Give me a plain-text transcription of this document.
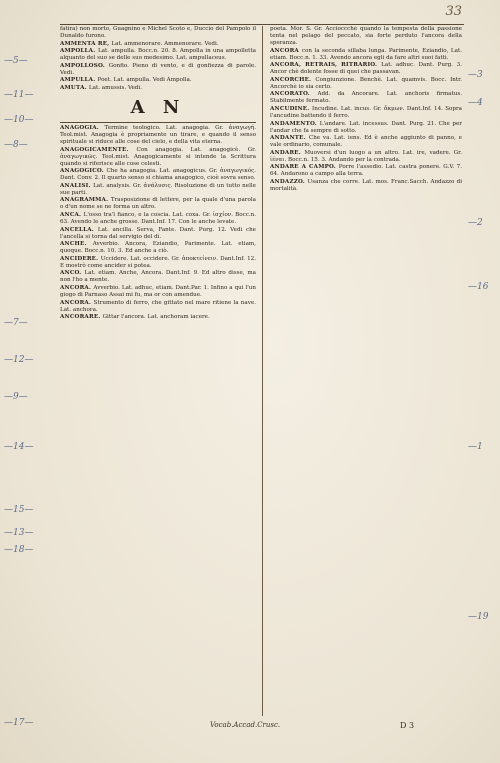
33

fatira) non morto, Guagnino e Michel Scoto e, Duccio del Pampolo il Dunaldo furono.

AMMENTA RE, Lat. ammenorare. Ammenorare. Vedi.

AMPOLLA. Lat. ampulla. Bocc.n. 20. 8. Ampolla in una ampolletta alquanto del suo se delle suo medesimo. Lat. ampullaceus.

AMPOLLOSO. Gonfio. Pieno di vento, e di gonfiezza di parole. Vedi.

AMPULLA. Poet. Lat. ampulla. Vedi Ampolla.

AMUTA. Lat. amussis. Vedi.

A N

ANAGOGIA. Termine teologico. Lat. anagogia. Gr. ἀναγωγή. Teol.mist. Anagogia è propriamente un tirare, e quando il senso spirituale si riduce alle cose del cielo, e della vita eterna.

ANAGOGICAMENTE. Con anagogia. Lat. anagogicè. Gr. ἀναγωγικῶς. Teol.mist. Anagogicamente si intende la Scrittura quando si riferisce alle cose celesti.

ANAGOGICO. Che ha anagogia. Lat. anagogicus. Gr. ἀναγωγικός. Dant. Conv. 2. Il quarto senso si chiama anagogico, cioè sovra senso.

ANALISI. Lat. analysis. Gr. ἀνάλυσις. Risoluzione di un tutto nelle sue parti.

ANAGRAMMA. Trasposizione di lettere, per la quale d'una parola o d'un nome se ne forma un altro.

ANCA. L'osso tra'l fianco, e la coscia. Lat. coxa. Gr. ἰσχίον. Bocc.n. 63. Avendo le anche grosse. Dant.Inf. 17. Con le anche levate.

ANCELLA. Lat. ancilla. Serva, Fante. Dant. Purg. 12. Vedi che l'ancella si torna dal servigio del dì.

ANCHE. Avverbio. Ancora, Eziandio, Parimente. Lat. etiam, quoque. Bocc.n. 10. 3. Ed anche a ciò.

ANCIDERE. Uccidere. Lat. occidere. Gr. ἀποκτείνειν. Dant.Inf. 12. E mostrò come ancider si potea.

ANCO. Lat. etiam. Anche, Ancora. Dant.Inf. 9. Ed altro disse, ma non l'ho a mente.

ANCORA. Avverbio. Lat. adhuc, etiam. Dant.Par. 1. Infino a qui l'un giogo di Parnaso Assai mi fu, ma or con amendue.

ANCORA. Strumento di ferro, che gittato nel mare ritiene la nave. Lat. anchora.

ANCORARE. Gittar l'ancora. Lat. anchoram iacere.

poeta. Mor. S. Gr. Accioccchè quando la tempesta della passione tenta nel pelago del peccato, sia forte perduto l'ancora della speranza.

ANCORA con la seconda sillaba lunga. Parimente, Eziandio, Lat. etiam. Bocc.n. 1. 33. Avendo ancora egli da fare altri suoi fatti.

ANCORA, RETRAIS, RITRARIO. Lat. adhuc. Dant. Purg. 3. Ancor chè dolente fosse di quei che passavan.

ANCORCHE. Congiunzione. Benchè. Lat. quamvis. Bocc. Intr. Ancorchè io sia certo.

ANCORATO. Add. da Ancorare. Lat. anchoris firmatus. Stabilmente fermato.

ANCUDINE. Incudine. Lat. incus. Gr. ἄκμων. Dant.Inf. 14. Sopra l'ancudine battendo il ferro.

ANDAMENTO. L'andare. Lat. incessus. Dant. Purg. 21. Che per l'andar che fa sempre di sotto.

ANDANTE. Che va. Lat. iens. Ed è anche aggiunto di panno, e vale ordinario, comunale.

ANDARE. Muoversi d'un luogo a un altro. Lat. ire, vadere. Gr. ἰέναι. Bocc.n. 15. 3. Andando per la contrada.

ANDARE A CAMPO. Porre l'assedio. Lat. castra ponere. G.V. 7. 64. Andarono a campo alla terra.

ANDAZZO. Usanza che corre. Lat. mos. Franc.Sacch. Andazzo di mortalità.

Vocab.Accad.Crusc.	D 3
—5—
—11—
—10—
—8—
—7—
—12—
—9—
—14—
—15—
—13—
—18—
—17—
—3
—4
—2
—16
—1
—19
